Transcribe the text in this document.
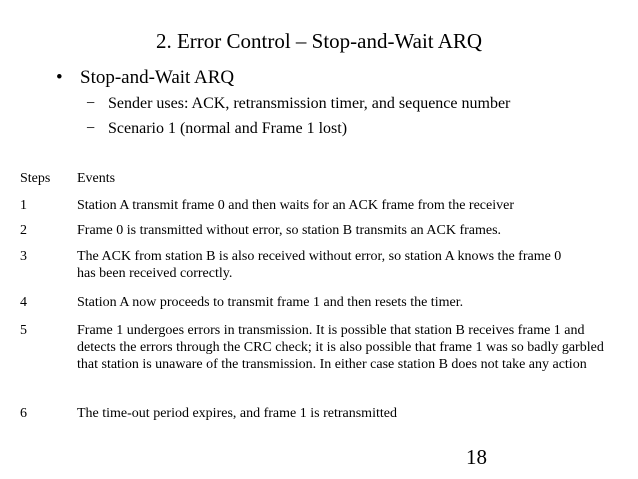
2. Error Control – Stop-and-Wait ARQ
• Stop-and-Wait ARQ
− Sender uses: ACK, retransmission timer, and sequence number
− Scenario 1 (normal and Frame 1 lost)
Steps Events
1	Station A transmit frame 0 and then waits for an ACK frame from the receiver
2	Frame 0 is transmitted without error, so station B transmits an ACK frames.
3	The ACK from station B is also received without error, so station A knows the frame 0 has been received correctly.
4	Station A now proceeds to transmit frame 1 and then resets the timer.
5	Frame 1 undergoes errors in transmission. It is possible that station B receives frame 1 and detects the errors through the CRC check; it is also possible that frame 1 was so badly garbled that station is unaware of the transmission. In either case station B does not take any action
6	The time-out period expires, and frame 1 is retransmitted
18
